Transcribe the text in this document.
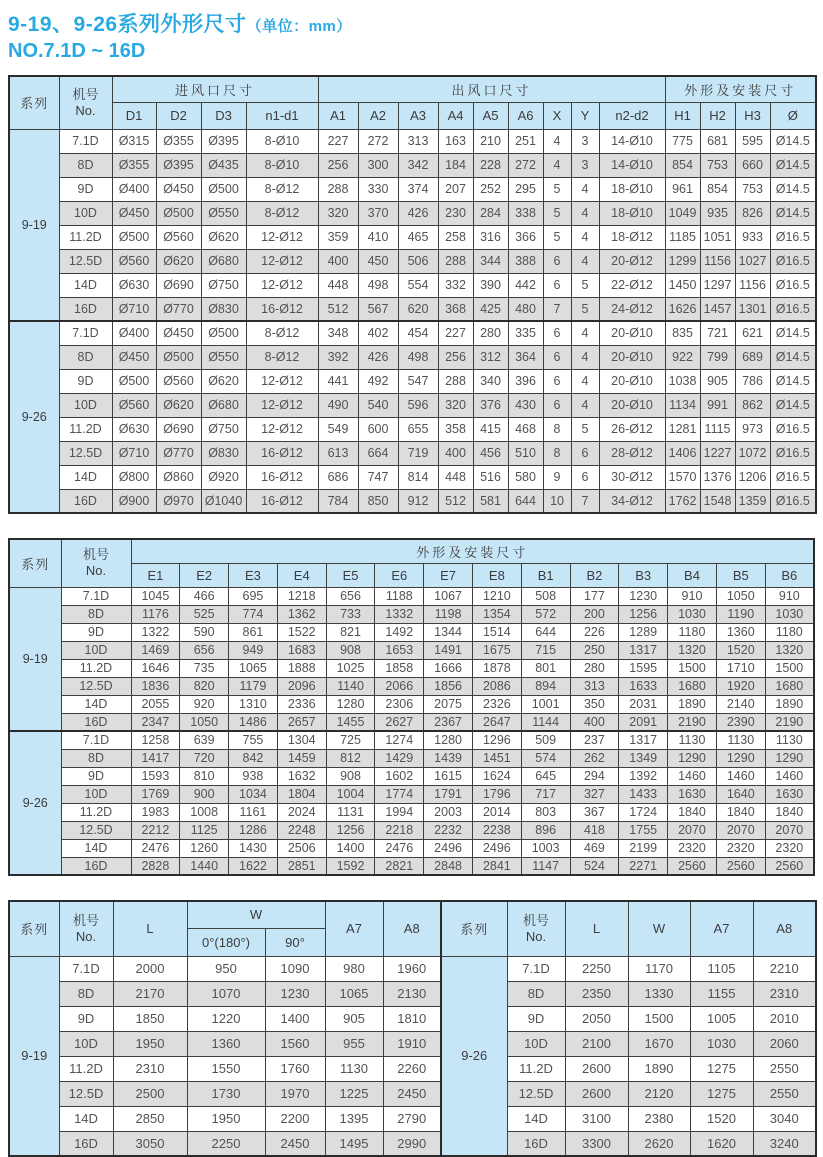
9-19、9-26系列外形尺寸（单位：mm）
NO.7.1D ~ 16D
系列	机号
No.	进风口尺寸				出风口尺寸									外形及安装尺寸			
		D1	D2	D3	n1-d1	A1	A2	A3	A4	A5	A6	X	Y	n2-d2	H1	H2	H3	Ø
9-19	7.1D	Ø315	Ø355	Ø395	8-Ø10	227	272	313	163	210	251	4	3	14-Ø10	775	681	595	Ø14.5
	8D	Ø355	Ø395	Ø435	8-Ø10	256	300	342	184	228	272	4	3	14-Ø10	854	753	660	Ø14.5
	9D	Ø400	Ø450	Ø500	8-Ø12	288	330	374	207	252	295	5	4	18-Ø10	961	854	753	Ø14.5
	10D	Ø450	Ø500	Ø550	8-Ø12	320	370	426	230	284	338	5	4	18-Ø10	1049	935	826	Ø14.5
	11.2D	Ø500	Ø560	Ø620	12-Ø12	359	410	465	258	316	366	5	4	18-Ø12	1185	1051	933	Ø16.5
	12.5D	Ø560	Ø620	Ø680	12-Ø12	400	450	506	288	344	388	6	4	20-Ø12	1299	1156	1027	Ø16.5
	14D	Ø630	Ø690	Ø750	12-Ø12	448	498	554	332	390	442	6	5	22-Ø12	1450	1297	1156	Ø16.5
	16D	Ø710	Ø770	Ø830	16-Ø12	512	567	620	368	425	480	7	5	24-Ø12	1626	1457	1301	Ø16.5
9-26	7.1D	Ø400	Ø450	Ø500	8-Ø12	348	402	454	227	280	335	6	4	20-Ø10	835	721	621	Ø14.5
	8D	Ø450	Ø500	Ø550	8-Ø12	392	426	498	256	312	364	6	4	20-Ø10	922	799	689	Ø14.5
	9D	Ø500	Ø560	Ø620	12-Ø12	441	492	547	288	340	396	6	4	20-Ø10	1038	905	786	Ø14.5
	10D	Ø560	Ø620	Ø680	12-Ø12	490	540	596	320	376	430	6	4	20-Ø10	1134	991	862	Ø14.5
	11.2D	Ø630	Ø690	Ø750	12-Ø12	549	600	655	358	415	468	8	5	26-Ø12	1281	1115	973	Ø16.5
	12.5D	Ø710	Ø770	Ø830	16-Ø12	613	664	719	400	456	510	8	6	28-Ø12	1406	1227	1072	Ø16.5
	14D	Ø800	Ø860	Ø920	16-Ø12	686	747	814	448	516	580	9	6	30-Ø12	1570	1376	1206	Ø16.5
	16D	Ø900	Ø970	Ø1040	16-Ø12	784	850	912	512	581	644	10	7	34-Ø12	1762	1548	1359	Ø16.5
系列	机号
No.	外形及安装尺寸													
		E1	E2	E3	E4	E5	E6	E7	E8	B1	B2	B3	B4	B5	B6
9-19	7.1D	1045	466	695	1218	656	1188	1067	1210	508	177	1230	910	1050	910
	8D	1176	525	774	1362	733	1332	1198	1354	572	200	1256	1030	1190	1030
	9D	1322	590	861	1522	821	1492	1344	1514	644	226	1289	1180	1360	1180
	10D	1469	656	949	1683	908	1653	1491	1675	715	250	1317	1320	1520	1320
	11.2D	1646	735	1065	1888	1025	1858	1666	1878	801	280	1595	1500	1710	1500
	12.5D	1836	820	1179	2096	1140	2066	1856	2086	894	313	1633	1680	1920	1680
	14D	2055	920	1310	2336	1280	2306	2075	2326	1001	350	2031	1890	2140	1890
	16D	2347	1050	1486	2657	1455	2627	2367	2647	1144	400	2091	2190	2390	2190
9-26	7.1D	1258	639	755	1304	725	1274	1280	1296	509	237	1317	1130	1130	1130
	8D	1417	720	842	1459	812	1429	1439	1451	574	262	1349	1290	1290	1290
	9D	1593	810	938	1632	908	1602	1615	1624	645	294	1392	1460	1460	1460
	10D	1769	900	1034	1804	1004	1774	1791	1796	717	327	1433	1630	1640	1630
	11.2D	1983	1008	1161	2024	1131	1994	2003	2014	803	367	1724	1840	1840	1840
	12.5D	2212	1125	1286	2248	1256	2218	2232	2238	896	418	1755	2070	2070	2070
	14D	2476	1260	1430	2506	1400	2476	2496	2496	1003	469	2199	2320	2320	2320
	16D	2828	1440	1622	2851	1592	2821	2848	2841	1147	524	2271	2560	2560	2560
系列	机号
No.	L	W		A7	A8
			0°(180°)	90°		
9-19	7.1D	2000	950	1090	980	1960
	8D	2170	1070	1230	1065	2130
	9D	1850	1220	1400	905	1810
	10D	1950	1360	1560	955	1910
	11.2D	2310	1550	1760	1130	2260
	12.5D	2500	1730	1970	1225	2450
	14D	2850	1950	2200	1395	2790
	16D	3050	2250	2450	1495	2990
系列	机号
No.	L	W	A7	A8
9-26	7.1D	2250	1170	1105	2210
	8D	2350	1330	1155	2310
	9D	2050	1500	1005	2010
	10D	2100	1670	1030	2060
	11.2D	2600	1890	1275	2550
	12.5D	2600	2120	1275	2550
	14D	3100	2380	1520	3040
	16D	3300	2620	1620	3240
